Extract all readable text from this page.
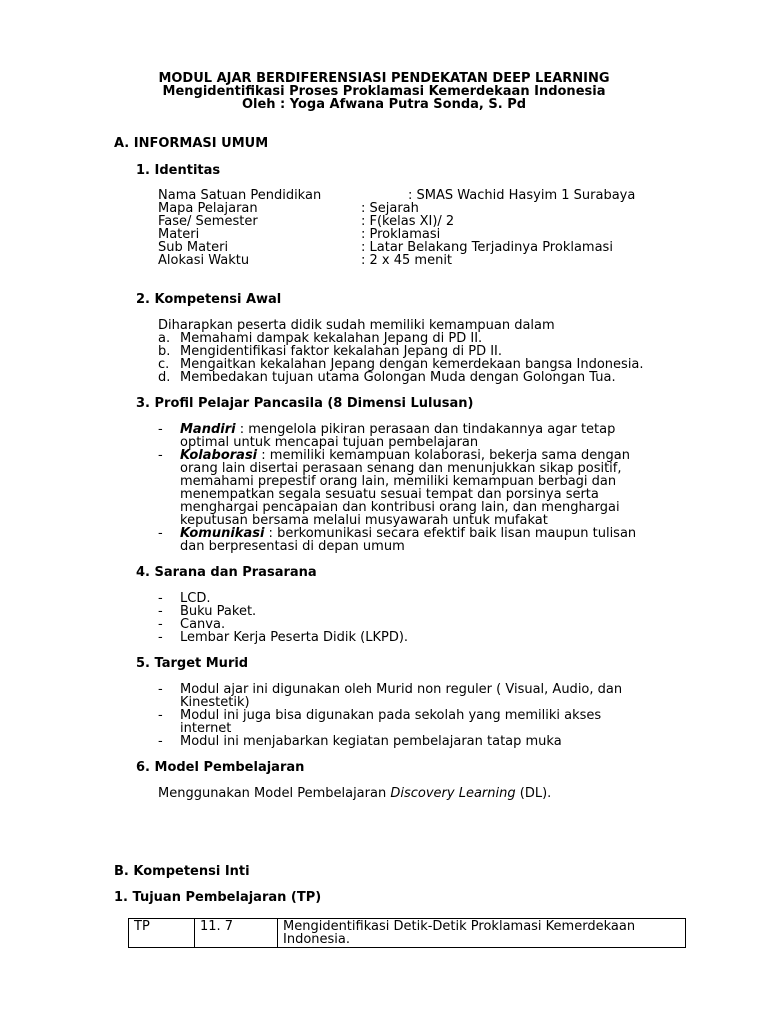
MODUL AJAR BERDIFERENSIASI PENDEKATAN DEEP LEARNING
Mengidentifikasi Proses Proklamasi Kemerdekaan Indonesia
Oleh : Yoga Afwana Putra Sonda, S. Pd
A. INFORMASI UMUM
1. Identitas
Nama Satuan Pendidikan	: SMAS Wachid Hasyim 1 Surabaya
Mapa Pelajaran	: Sejarah
Fase/ Semester	: F(kelas XI)/ 2
Materi	: Proklamasi
Sub Materi	: Latar Belakang Terjadinya Proklamasi
Alokasi Waktu	: 2 x 45 menit
2. Kompetensi Awal
Diharapkan peserta didik sudah memiliki kemampuan dalam
a. Memahami dampak kekalahan Jepang di PD II.
b. Mengidentifikasi faktor kekalahan Jepang di PD II.
c. Mengaitkan kekalahan Jepang dengan kemerdekaan bangsa Indonesia.
d. Membedakan tujuan utama Golongan Muda dengan Golongan Tua.
3. Profil Pelajar Pancasila (8 Dimensi Lulusan)
- Mandiri : mengelola pikiran perasaan dan tindakannya agar tetap
optimal untuk mencapai tujuan pembelajaran
- Kolaborasi : memiliki kemampuan kolaborasi, bekerja sama dengan
orang lain disertai perasaan senang dan menunjukkan sikap positif,
memahami prepestif orang lain, memiliki kemampuan berbagi dan
menempatkan segala sesuatu sesuai tempat dan porsinya serta
menghargai pencapaian dan kontribusi orang lain, dan menghargai
keputusan bersama melalui musyawarah untuk mufakat
- Komunikasi : berkomunikasi secara efektif baik lisan maupun tulisan
dan berpresentasi di depan umum
4. Sarana dan Prasarana
- LCD.
- Buku Paket.
- Canva.
- Lembar Kerja Peserta Didik (LKPD).
5. Target Murid
- Modul ajar ini digunakan oleh Murid non reguler ( Visual, Audio, dan
Kinestetik)
- Modul ini juga bisa digunakan pada sekolah yang memiliki akses
internet
- Modul ini menjabarkan kegiatan pembelajaran tatap muka
6. Model Pembelajaran
Menggunakan Model Pembelajaran Discovery Learning (DL).
B. Kompetensi Inti
1. Tujuan Pembelajaran (TP)
TP	11. 7	Mengidentifikasi Detik-Detik Proklamasi Kemerdekaan
Indonesia.
